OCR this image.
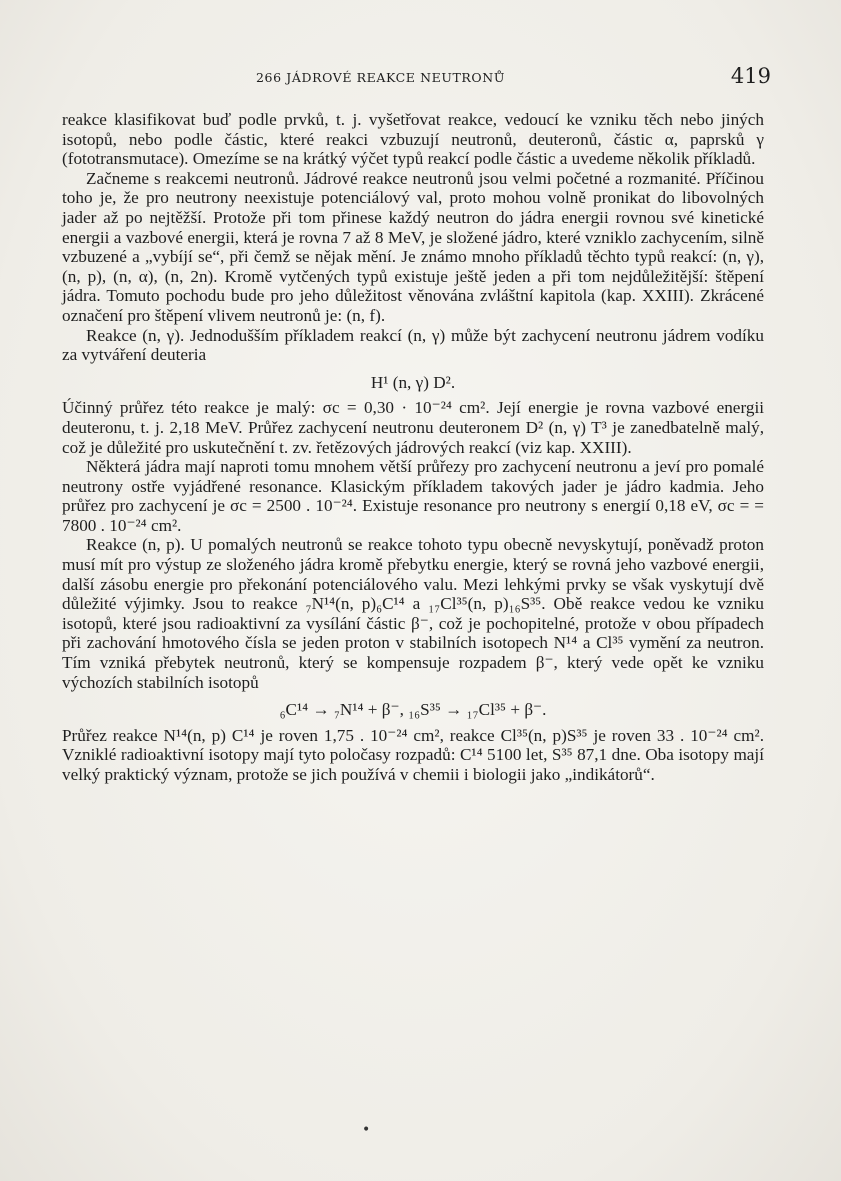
266 JÁDROVÉ REAKCE NEUTRONŮ	419

reakce klasifikovat buď podle prvků, t. j. vyšetřovat reakce, vedoucí ke vzniku těch nebo jiných isotopů, nebo podle částic, které reakci vzbuzují neutronů, deuteronů, částic α, paprsků γ (fototransmutace). Omezíme se na krátký výčet typů reakcí podle částic a uvedeme několik příkladů.

Začneme s reakcemi neutronů. Jádrové reakce neutronů jsou velmi početné a rozmanité. Příčinou toho je, že pro neutrony neexistuje potenciálový val, proto mohou volně pronikat do libovolných jader až po nejtěžší. Protože při tom přinese každý neutron do jádra energii rovnou své kinetické energii a vazbové energii, která je rovna 7 až 8 MeV, je složené jádro, které vzniklo zachycením, silně vzbuzené a „vybíjí se“, při čemž se nějak mění. Je známo mnoho příkladů těchto typů reakcí: (n, γ), (n, p), (n, α), (n, 2n). Kromě vytčených typů existuje ještě jeden a při tom nejdůležitější: štěpení jádra. Tomuto pochodu bude pro jeho důležitost věnována zvláštní kapitola (kap. XXIII). Zkrácené označení pro štěpení vlivem neutronů je: (n, f).

Reakce (n, γ). Jednodušším příkladem reakcí (n, γ) může být zachycení neutronu jádrem vodíku za vytváření deuteria

H¹ (n, γ) D².

Účinný průřez této reakce je malý: σc = 0,30 · 10⁻²⁴ cm². Její energie je rovna vazbové energii deuteronu, t. j. 2,18 MeV. Průřez zachycení neutronu deuteronem D² (n, γ) T³ je zanedbatelně malý, což je důležité pro uskutečnění t. zv. řetězových jádrových reakcí (viz kap. XXIII).

Některá jádra mají naproti tomu mnohem větší průřezy pro zachycení neutronu a jeví pro pomalé neutrony ostře vyjádřené resonance. Klasickým příkladem takových jader je jádro kadmia. Jeho průřez pro zachycení je σc = 2500 . 10⁻²⁴. Existuje resonance pro neutrony s energií 0,18 eV, σc = = 7800 . 10⁻²⁴ cm².

Reakce (n, p). U pomalých neutronů se reakce tohoto typu obecně nevyskytují, poněvadž proton musí mít pro výstup ze složeného jádra kromě přebytku energie, který se rovná jeho vazbové energii, další zásobu energie pro překonání potenciálového valu. Mezi lehkými prvky se však vyskytují dvě důležité výjimky. Jsou to reakce ₇N¹⁴(n, p)₆C¹⁴ a ₁₇Cl³⁵(n, p)₁₆S³⁵. Obě reakce vedou ke vzniku isotopů, které jsou radioaktivní za vysílání částic β⁻, což je pochopitelné, protože v obou případech při zachování hmotového čísla se jeden proton v stabilních isotopech N¹⁴ a Cl³⁵ vymění za neutron. Tím vzniká přebytek neutronů, který se kompensuje rozpadem β⁻, který vede opět ke vzniku výchozích stabilních isotopů

₆C¹⁴ → ₇N¹⁴ + β⁻, ₁₆S³⁵ → ₁₇Cl³⁵ + β⁻.

Průřez reakce N¹⁴(n, p) C¹⁴ je roven 1,75 . 10⁻²⁴ cm², reakce Cl³⁵(n, p)S³⁵ je roven 33 . 10⁻²⁴ cm². Vzniklé radioaktivní isotopy mají tyto poločasy rozpadů: C¹⁴ 5100 let, S³⁵ 87,1 dne. Oba isotopy mají velký praktický význam, protože se jich používá v chemii i biologii jako „indikátorů“.

•
